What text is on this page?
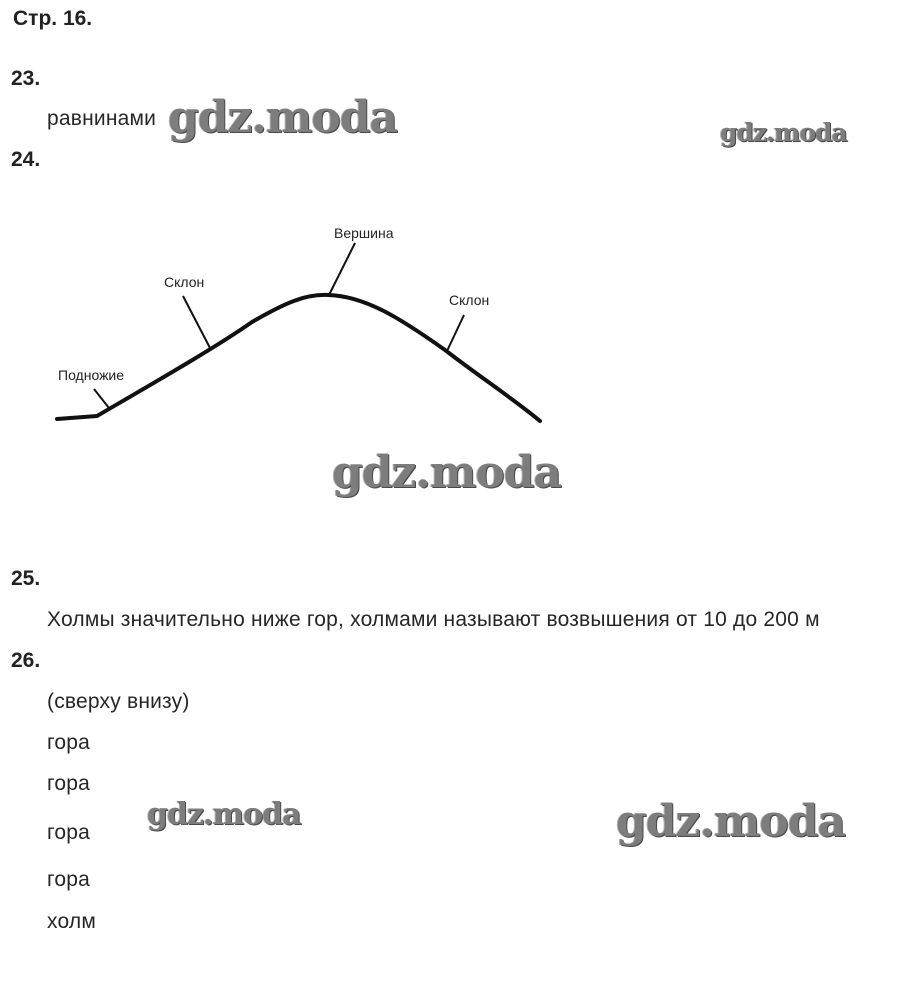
Стр. 16.
23.
равнинами
24.
Вершина
Склон
Склон
Подножие
25.
Холмы значительно ниже гор, холмами называют возвышения от 10 до 200 м
26.
(сверху внизу)
гора
гора
гора
гора
холм
gdz.moda	gdz.moda
gdz.moda
gdz.moda	gdz.moda
